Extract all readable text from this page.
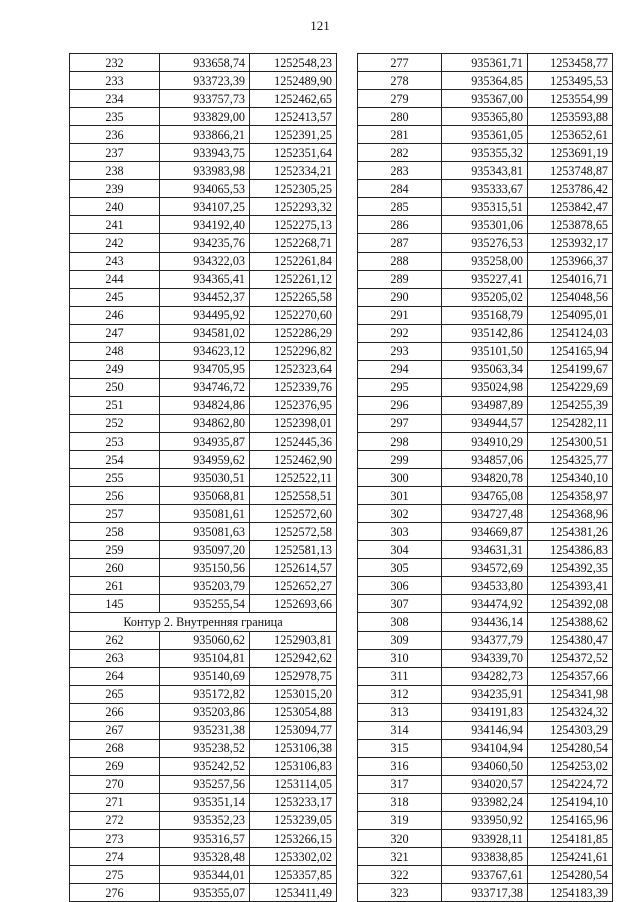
121
232	933658,74	1252548,23
233	933723,39	1252489,90
234	933757,73	1252462,65
235	933829,00	1252413,57
236	933866,21	1252391,25
237	933943,75	1252351,64
238	933983,98	1252334,21
239	934065,53	1252305,25
240	934107,25	1252293,32
241	934192,40	1252275,13
242	934235,76	1252268,71
243	934322,03	1252261,84
244	934365,41	1252261,12
245	934452,37	1252265,58
246	934495,92	1252270,60
247	934581,02	1252286,29
248	934623,12	1252296,82
249	934705,95	1252323,64
250	934746,72	1252339,76
251	934824,86	1252376,95
252	934862,80	1252398,01
253	934935,87	1252445,36
254	934959,62	1252462,90
255	935030,51	1252522,11
256	935068,81	1252558,51
257	935081,61	1252572,60
258	935081,63	1252572,58
259	935097,20	1252581,13
260	935150,56	1252614,57
261	935203,79	1252652,27
145	935255,54	1252693,66
Контур 2. Внутренняя граница		
262	935060,62	1252903,81
263	935104,81	1252942,62
264	935140,69	1252978,75
265	935172,82	1253015,20
266	935203,86	1253054,88
267	935231,38	1253094,77
268	935238,52	1253106,38
269	935242,52	1253106,83
270	935257,56	1253114,05
271	935351,14	1253233,17
272	935352,23	1253239,05
273	935316,57	1253266,15
274	935328,48	1253302,02
275	935344,01	1253357,85
276	935355,07	1253411,49
277	935361,71	1253458,77
278	935364,85	1253495,53
279	935367,00	1253554,99
280	935365,80	1253593,88
281	935361,05	1253652,61
282	935355,32	1253691,19
283	935343,81	1253748,87
284	935333,67	1253786,42
285	935315,51	1253842,47
286	935301,06	1253878,65
287	935276,53	1253932,17
288	935258,00	1253966,37
289	935227,41	1254016,71
290	935205,02	1254048,56
291	935168,79	1254095,01
292	935142,86	1254124,03
293	935101,50	1254165,94
294	935063,34	1254199,67
295	935024,98	1254229,69
296	934987,89	1254255,39
297	934944,57	1254282,11
298	934910,29	1254300,51
299	934857,06	1254325,77
300	934820,78	1254340,10
301	934765,08	1254358,97
302	934727,48	1254368,96
303	934669,87	1254381,26
304	934631,31	1254386,83
305	934572,69	1254392,35
306	934533,80	1254393,41
307	934474,92	1254392,08
308	934436,14	1254388,62
309	934377,79	1254380,47
310	934339,70	1254372,52
311	934282,73	1254357,66
312	934235,91	1254341,98
313	934191,83	1254324,32
314	934146,94	1254303,29
315	934104,94	1254280,54
316	934060,50	1254253,02
317	934020,57	1254224,72
318	933982,24	1254194,10
319	933950,92	1254165,96
320	933928,11	1254181,85
321	933838,85	1254241,61
322	933767,61	1254280,54
323	933717,38	1254183,39
